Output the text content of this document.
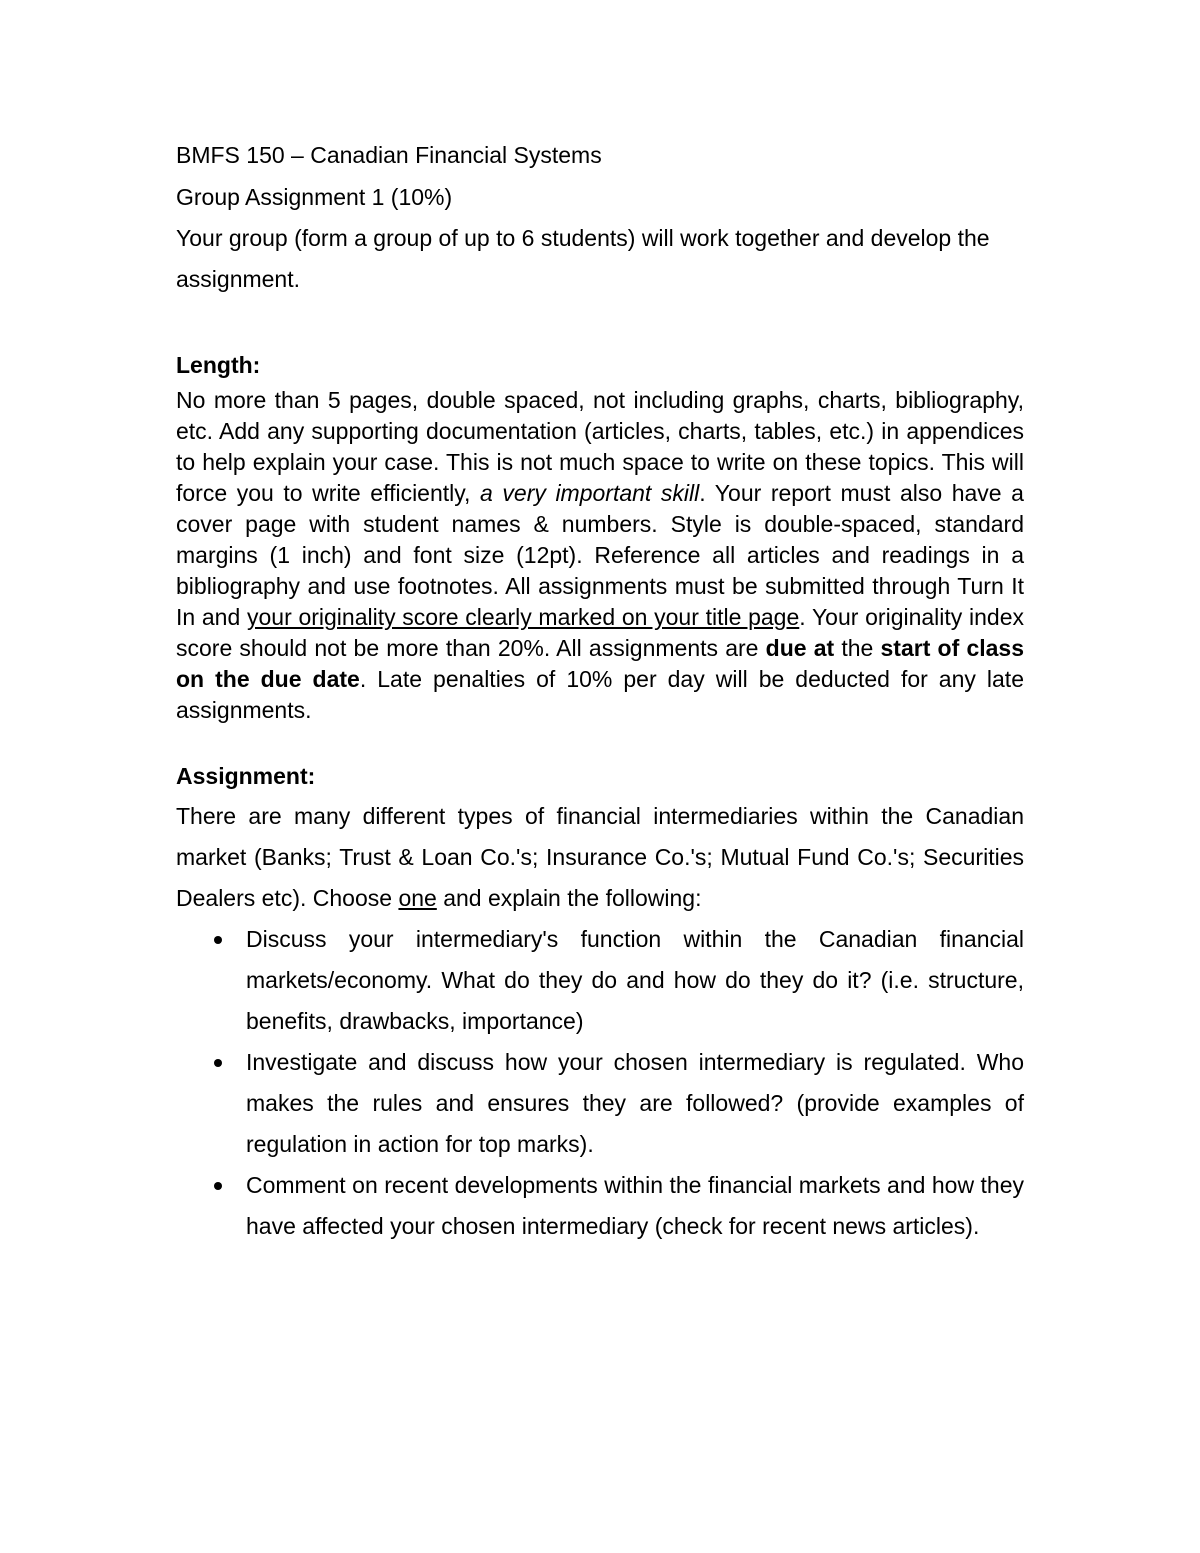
BMFS 150 – Canadian Financial Systems

Group Assignment 1 (10%)

Your group (form a group of up to 6 students) will work together and develop the assignment.

Length:

No more than 5 pages, double spaced, not including graphs, charts, bibliography, etc. Add any supporting documentation (articles, charts, tables, etc.) in appendices to help explain your case. This is not much space to write on these topics. This will force you to write efficiently, a very important skill. Your report must also have a cover page with student names & numbers. Style is double-spaced, standard margins (1 inch) and font size (12pt). Reference all articles and readings in a bibliography and use footnotes. All assignments must be submitted through Turn It In and your originality score clearly marked on your title page. Your originality index score should not be more than 20%. All assignments are due at the start of class on the due date. Late penalties of 10% per day will be deducted for any late assignments.

Assignment:

There are many different types of financial intermediaries within the Canadian market (Banks; Trust & Loan Co.'s; Insurance Co.'s; Mutual Fund Co.'s; Securities Dealers etc). Choose one and explain the following:

Discuss your intermediary's function within the Canadian financial markets/economy. What do they do and how do they do it? (i.e. structure, benefits, drawbacks, importance)
Investigate and discuss how your chosen intermediary is regulated. Who makes the rules and ensures they are followed? (provide examples of regulation in action for top marks).
Comment on recent developments within the financial markets and how they have affected your chosen intermediary (check for recent news articles).
